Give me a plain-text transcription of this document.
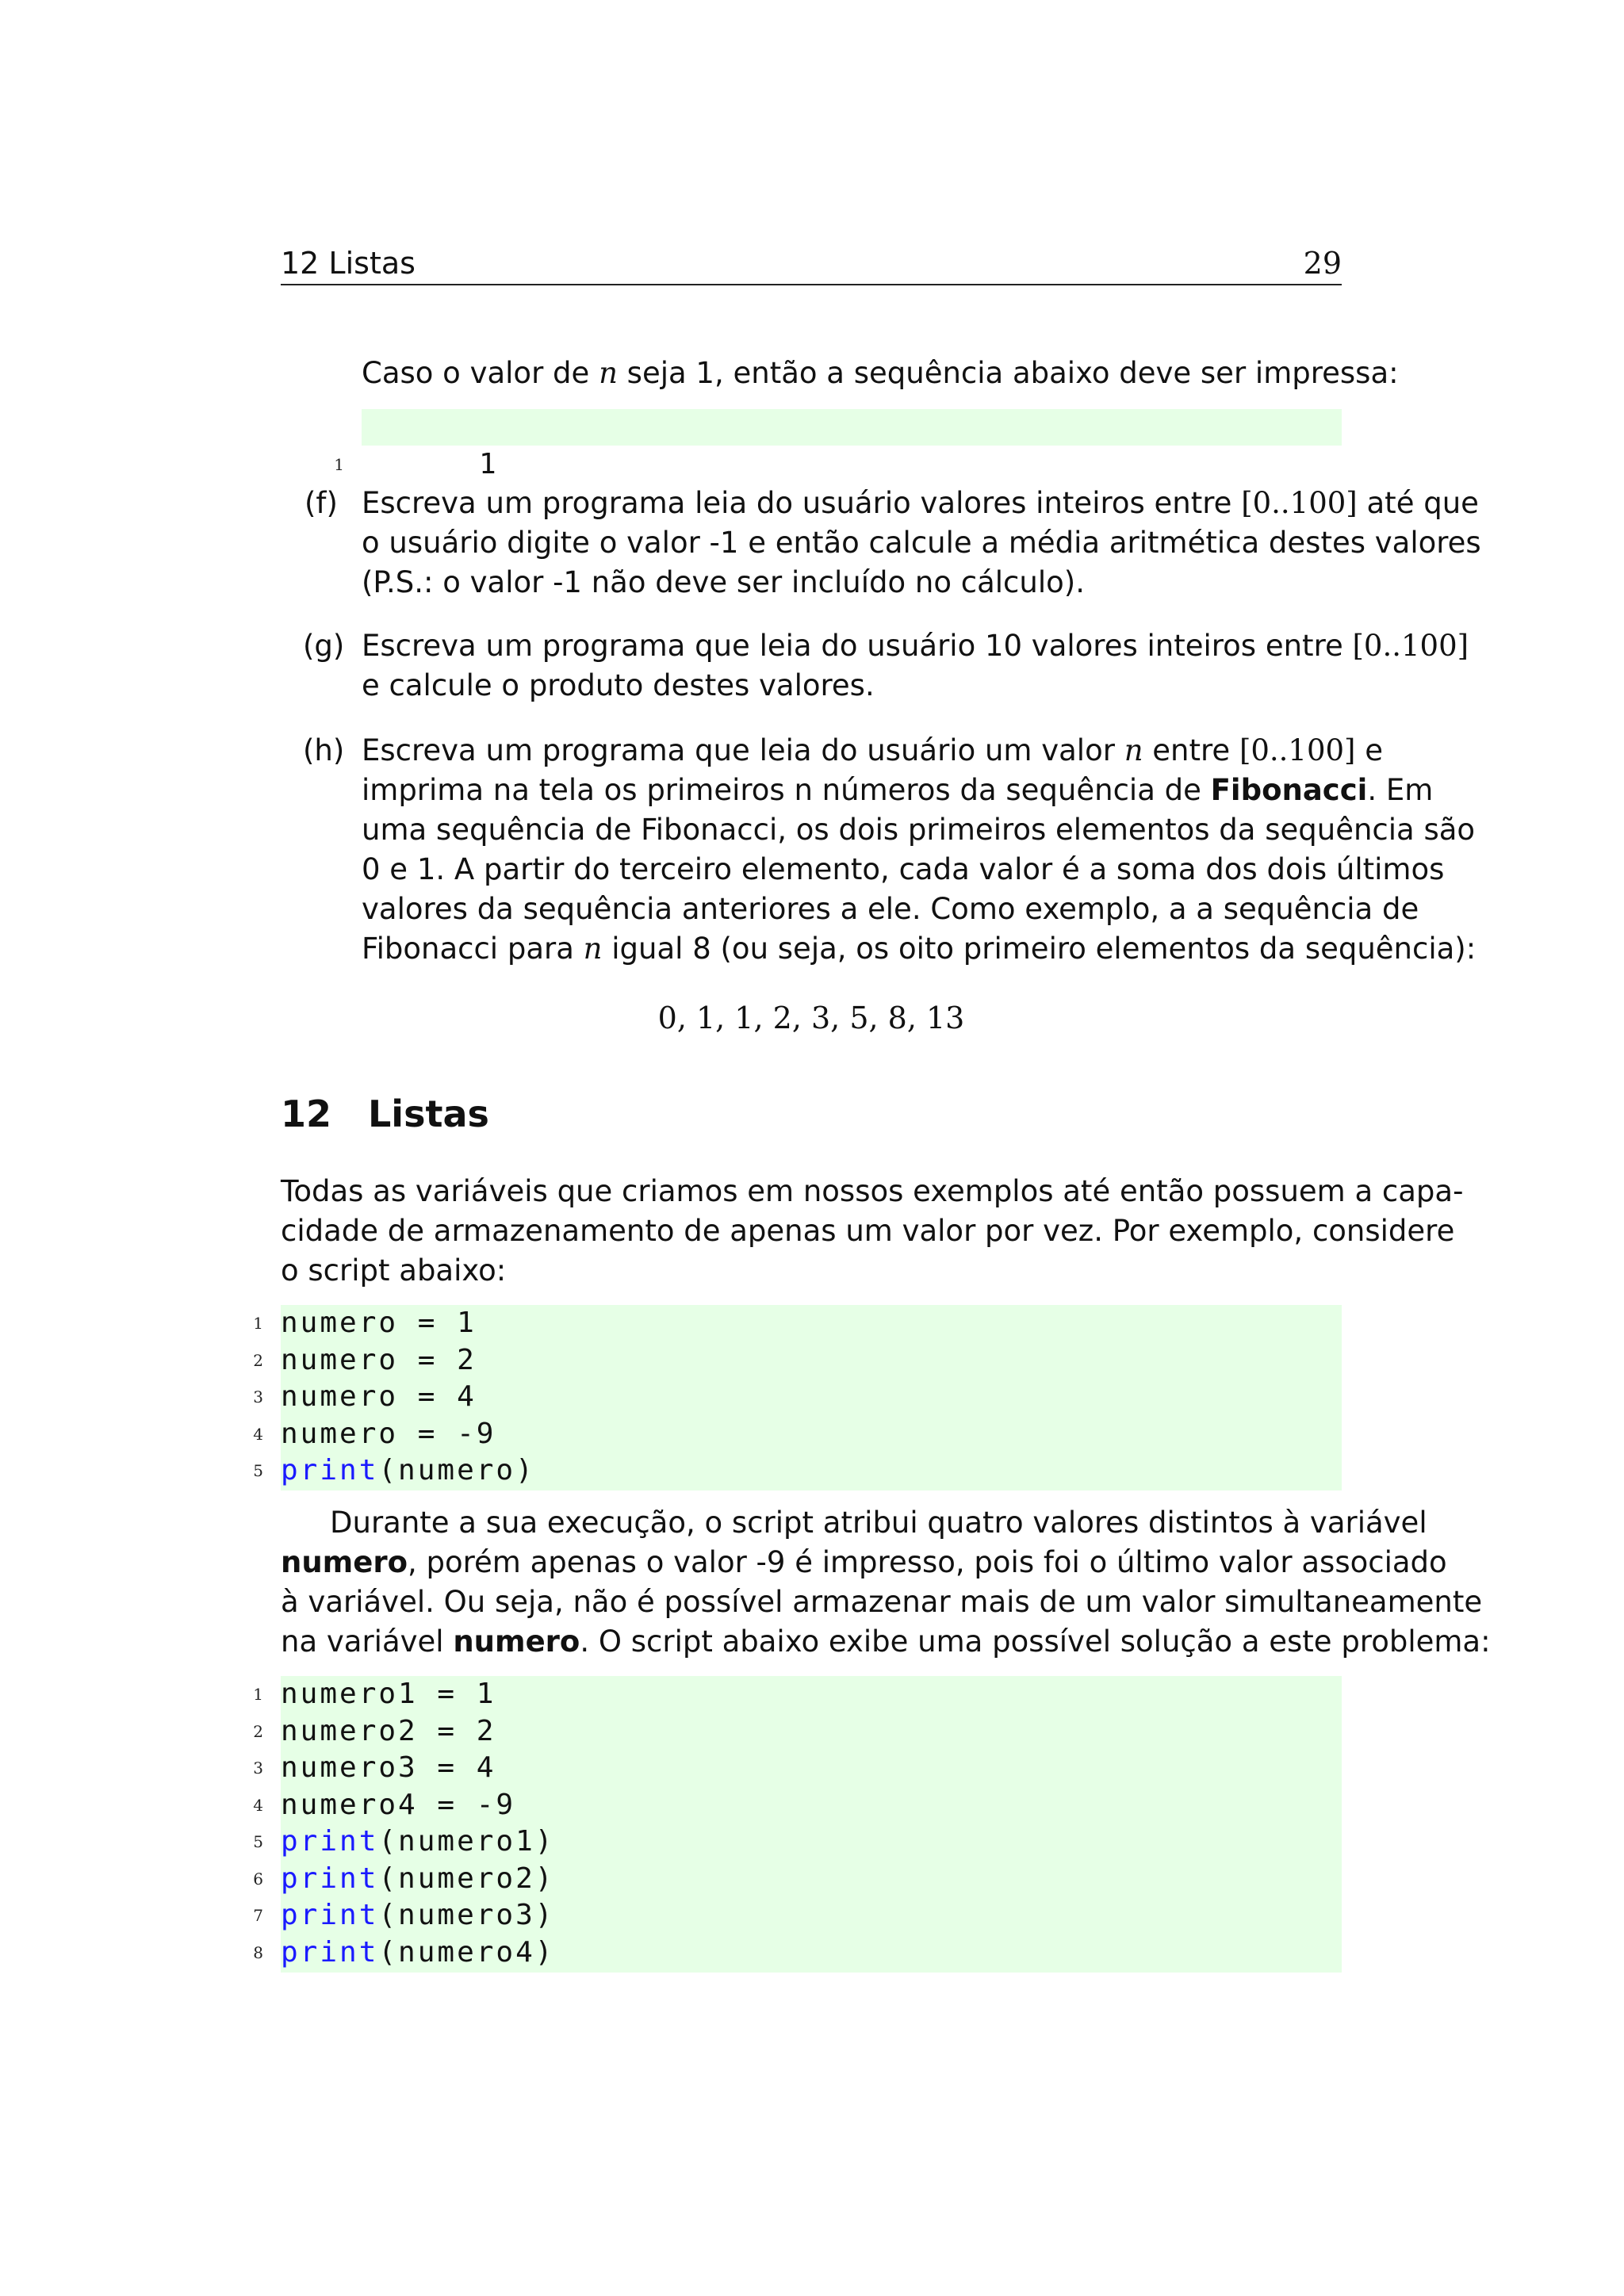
12 Listas	29
Caso o valor de n seja 1, então a sequência abaixo deve ser impressa:

1	1

(f) Escreva um programa leia do usuário valores inteiros entre [0..100] até que
o usuário digite o valor -1 e então calcule a média aritmética destes valores
(P.S.: o valor -1 não deve ser incluído no cálculo).
(g) Escreva um programa que leia do usuário 10 valores inteiros entre [0..100]
e calcule o produto destes valores.
(h) Escreva um programa que leia do usuário um valor n entre [0..100] e
imprima na tela os primeiros n números da sequência de Fibonacci. Em
uma sequência de Fibonacci, os dois primeiros elementos da sequência são
0 e 1. A partir do terceiro elemento, cada valor é a soma dos dois últimos
valores da sequência anteriores a ele. Como exemplo, a a sequência de
Fibonacci para n igual 8 (ou seja, os oito primeiro elementos da sequência):
0, 1, 1, 2, 3, 5, 8, 13
12 Listas
Todas as variáveis que criamos em nossos exemplos até então possuem a capa-
cidade de armazenamento de apenas um valor por vez. Por exemplo, considere
o script abaixo:
1 numero = 1
2 numero = 2
3 numero = 4
4 numero = -9
5 print(numero)
Durante a sua execução, o script atribui quatro valores distintos à variável
numero, porém apenas o valor -9 é impresso, pois foi o último valor associado
à variável. Ou seja, não é possível armazenar mais de um valor simultaneamente
na variável numero. O script abaixo exibe uma possível solução a este problema:
1 numero1 = 1
2 numero2 = 2
3 numero3 = 4
4 numero4 = -9
5 print(numero1)
6 print(numero2)
7 print(numero3)
8 print(numero4)
